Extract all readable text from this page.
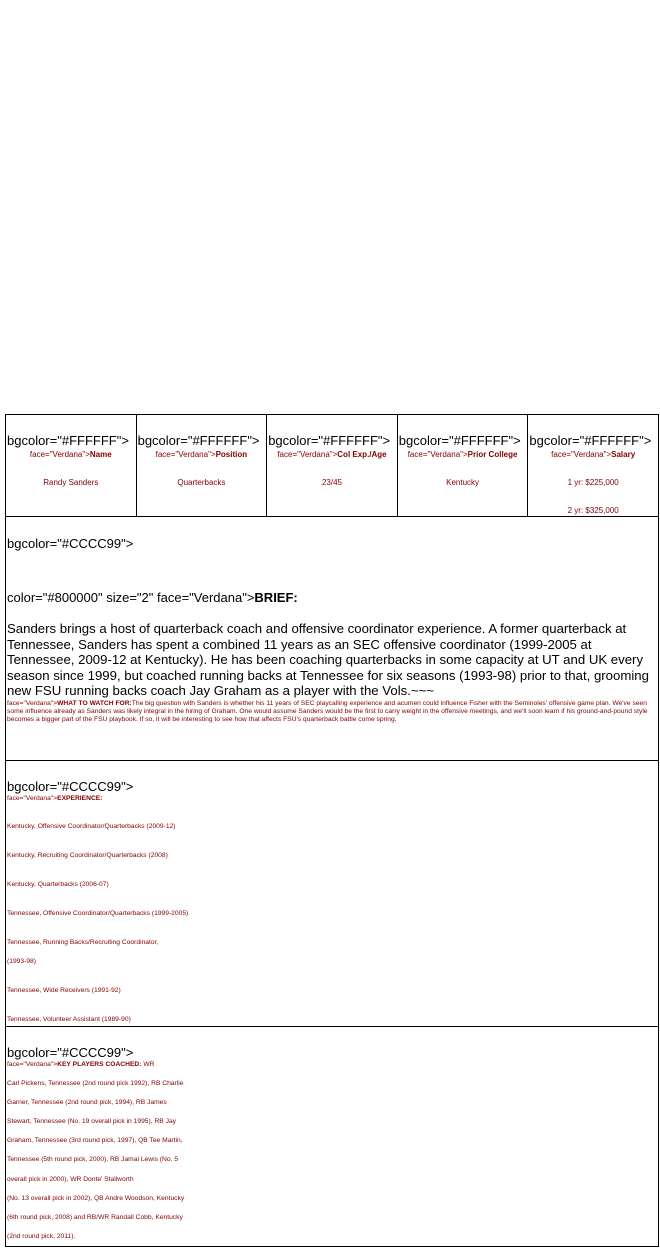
bgcolor="#FFFFFF">
face="Verdana">Name
Randy Sanders
bgcolor="#FFFFFF">
face="Verdana">Position
Quarterbacks
bgcolor="#FFFFFF">
face="Verdana">Col Exp./Age
23/45
bgcolor="#FFFFFF">
face="Verdana">Prior College
Kentucky
bgcolor="#FFFFFF">
face="Verdana">Salary
1 yr: $225,000
2 yr: $325,000
bgcolor="#CCCC99">
color="#800000" size="2" face="Verdana">BRIEF:
Sanders brings a host of quarterback coach and offensive coordinator experience. A former quarterback at Tennessee, Sanders has spent a combined 11 years as an SEC offensive coordinator (1999-2005 at Tennessee, 2009-12 at Kentucky). He has been coaching quarterbacks in some capacity at UT and UK every season since 1999, but coached running backs at Tennessee for six seasons (1993-98) prior to that, grooming new FSU running backs coach Jay Graham as a player with the Vols.~~~
face="Verdana">WHAT TO WATCH FOR:The big question with Sanders is whether his 11 years of SEC playcalling experience and acumen could influence Fisher with the Seminoles' offensive game plan. We've seen some influence already as Sanders was likely integral in the hiring of Graham. One would assume Sanders would be the first to carry weight in the offensive meetings, and we'll soon learn if his ground-and-pound style becomes a bigger part of the FSU playbook. If so, it will be interesting to see how that affects FSU's quarterback battle come spring.
bgcolor="#CCCC99">
face="Verdana">EXPERIENCE:
Kentucky, Offensive Coordinator/Quarterbacks (2009-12)
Kentucky, Recruiting Coordinator/Quarterbacks (2008)
Kentucky, Quarterbacks (2006-07)
Tennessee, Offensive Coordinator/Quarterbacks (1999-2005)
Tennessee, Running Backs/Recruiting Coordinator,
(1993-98)
Tennessee, Wide Receivers (1991-92)
Tennessee, Volunteer Assistant (1989-90)
bgcolor="#CCCC99">
face="Verdana">KEY PLAYERS COACHED: WR
Carl Pickens, Tennessee (2nd round pick 1992), RB Charlie
Garner, Tennessee (2nd round pick, 1994), RB James
Stewart, Tennessee (No. 19 overall pick in 1995), RB Jay
Graham, Tennessee (3rd round pick, 1997), QB Tee Martin,
Tennessee (5th round pick, 2000), RB Jamal Lewis (No. 5
overall pick in 2000), WR Donte' Stallworth
(No. 13 overall pick in 2002), QB Andre Woodson, Kentucky
(6th round pick, 2008) and RB/WR Randall Cobb, Kentucky
(2nd round pick, 2011).
